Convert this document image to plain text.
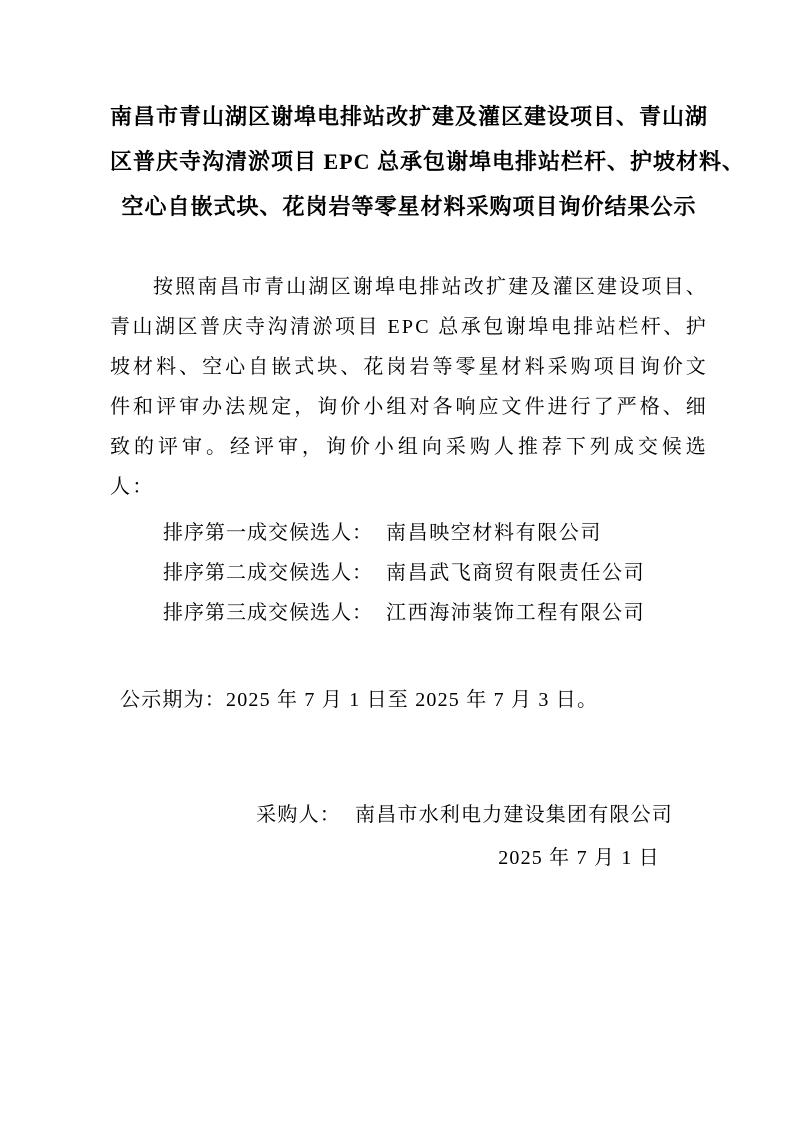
南昌市青山湖区谢埠电排站改扩建及灌区建设项目、青山湖
区普庆寺沟清淤项目 EPC 总承包谢埠电排站栏杆、护坡材料、
空心自嵌式块、花岗岩等零星材料采购项目询价结果公示

按照南昌市青山湖区谢埠电排站改扩建及灌区建设项目、青山湖区普庆寺沟清淤项目 EPC 总承包谢埠电排站栏杆、护坡材料、空心自嵌式块、花岗岩等零星材料采购项目询价文件和评审办法规定，询价小组对各响应文件进行了严格、细致的评审。经评审，询价小组向采购人推荐下列成交候选人：

排序第一成交候选人： 南昌映空材料有限公司
排序第二成交候选人： 南昌武飞商贸有限责任公司
排序第三成交候选人： 江西海沛装饰工程有限公司

公示期为：2025 年 7 月 1 日至 2025 年 7 月 3 日。

采购人： 南昌市水利电力建设集团有限公司
2025 年 7 月 1 日
